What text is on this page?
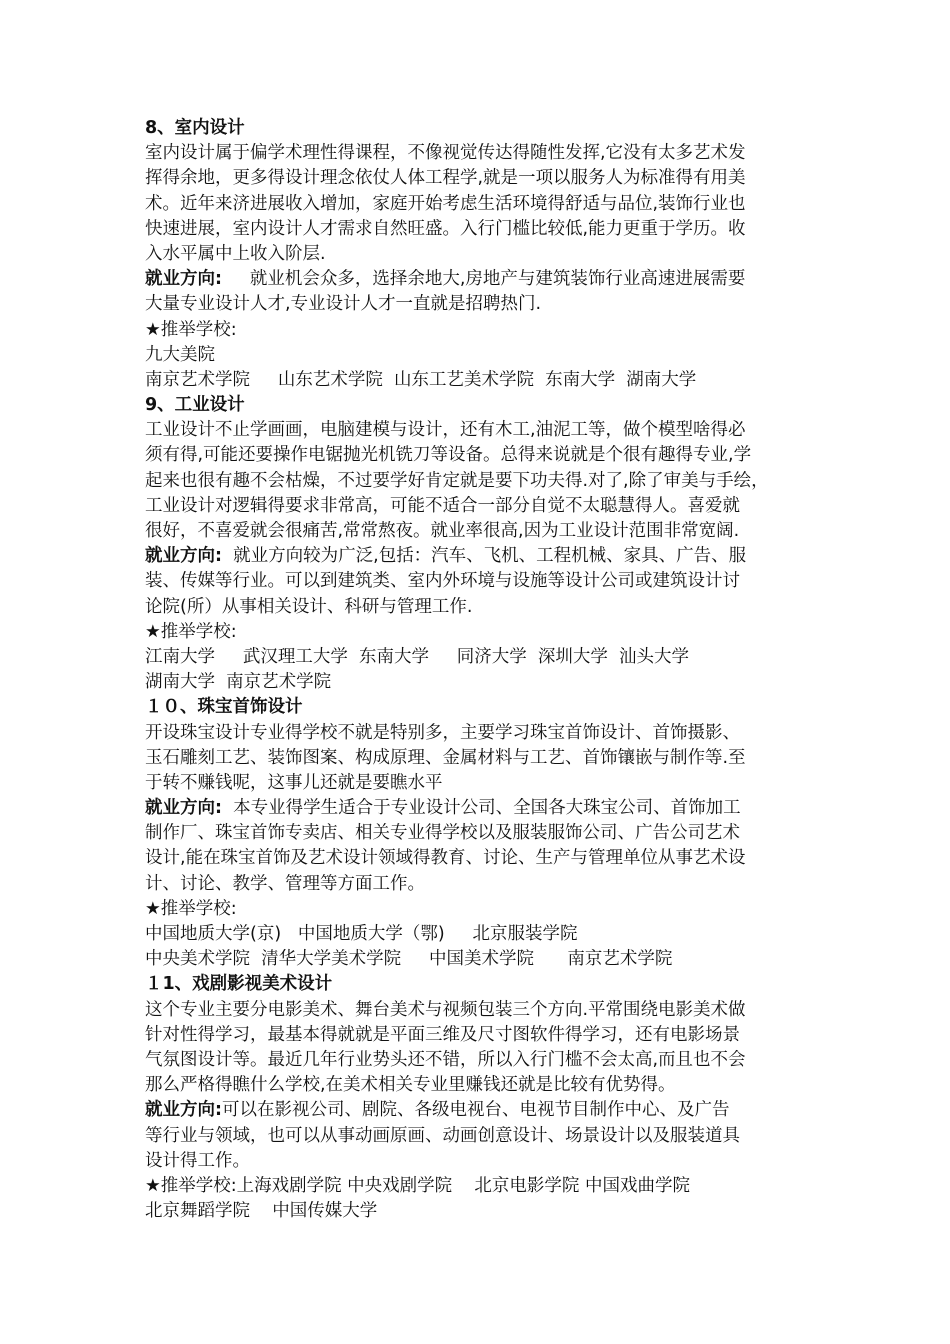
8、室内设计
室内设计属于偏学术理性得课程，不像视觉传达得随性发挥,它没有太多艺术发
挥得余地，更多得设计理念依仗人体工程学,就是一项以服务人为标准得有用美
术。近年来济进展收入增加，家庭开始考虑生活环境得舒适与品位,装饰行业也
快速进展，室内设计人才需求自然旺盛。入行门槛比较低,能力更重于学历。收
入水平属中上收入阶层.
就业方向:     就业机会众多，选择余地大,房地产与建筑装饰行业高速进展需要
大量专业设计人才,专业设计人才一直就是招聘热门.
★推举学校:
九大美院
南京艺术学院     山东艺术学院  山东工艺美术学院  东南大学  湖南大学
9、工业设计
工业设计不止学画画，电脑建模与设计，还有木工,油泥工等，做个模型啥得必
须有得,可能还要操作电锯抛光机铣刀等设备。总得来说就是个很有趣得专业,学
起来也很有趣不会枯燥，不过要学好肯定就是要下功夫得.对了,除了审美与手绘，
工业设计对逻辑得要求非常高，可能不适合一部分自觉不太聪慧得人。喜爱就
很好，不喜爱就会很痛苦,常常熬夜。就业率很高,因为工业设计范围非常宽阔.
就业方向:  就业方向较为广泛,包括：汽车、飞机、工程机械、家具、广告、服
装、传媒等行业。可以到建筑类、室内外环境与设施等设计公司或建筑设计讨
论院(所）从事相关设计、科研与管理工作.
★推举学校:
江南大学     武汉理工大学  东南大学     同济大学  深圳大学  汕头大学
湖南大学  南京艺术学院
１０、珠宝首饰设计
开设珠宝设计专业得学校不就是特别多，主要学习珠宝首饰设计、首饰摄影、
玉石雕刻工艺、装饰图案、构成原理、金属材料与工艺、首饰镶嵌与制作等.至
于转不赚钱呢，这事儿还就是要瞧水平
就业方向:  本专业得学生适合于专业设计公司、全国各大珠宝公司、首饰加工
制作厂、珠宝首饰专卖店、相关专业得学校以及服装服饰公司、广告公司艺术
设计,能在珠宝首饰及艺术设计领域得教育、讨论、生产与管理单位从事艺术设
计、讨论、教学、管理等方面工作。
★推举学校:
中国地质大学(京)   中国地质大学（鄂)     北京服装学院
中央美术学院  清华大学美术学院     中国美术学院      南京艺术学院
１1、戏剧影视美术设计
这个专业主要分电影美术、舞台美术与视频包装三个方向.平常围绕电影美术做
针对性得学习，最基本得就就是平面三维及尺寸图软件得学习，还有电影场景
气氛图设计等。最近几年行业势头还不错，所以入行门槛不会太高,而且也不会
那么严格得瞧什么学校,在美术相关专业里赚钱还就是比较有优势得。
就业方向:可以在影视公司、剧院、各级电视台、电视节目制作中心、及广告
等行业与领域，也可以从事动画原画、动画创意设计、场景设计以及服装道具
设计得工作。
★推举学校:上海戏剧学院 中央戏剧学院    北京电影学院 中国戏曲学院
北京舞蹈学院    中国传媒大学
